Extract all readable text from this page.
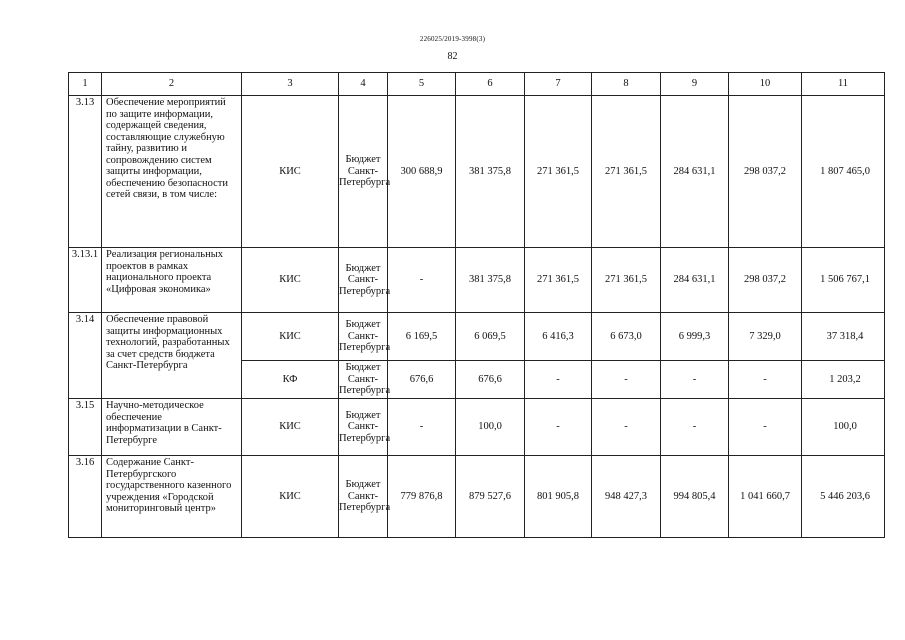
226025/2019-3998(3)
82
1	2	3	4	5	6	7	8	9	10	11
3.13	Обеспечение мероприятий по защите информации, содержащей сведения, составляющие служебную тайну, развитию и сопровождению систем защиты информации, обеспечению безопасности сетей связи, в том числе:	КИС	Бюджет Санкт-Петербурга	300 688,9	381 375,8	271 361,5	271 361,5	284 631,1	298 037,2	1 807 465,0
3.13.1	Реализация региональных проектов в рамках национального проекта «Цифровая экономика»	КИС	Бюджет Санкт-Петербурга	-	381 375,8	271 361,5	271 361,5	284 631,1	298 037,2	1 506 767,1
3.14	Обеспечение правовой защиты информационных технологий, разработанных за счет средств бюджета Санкт-Петербурга	КИС	Бюджет Санкт-Петербурга	6 169,5	6 069,5	6 416,3	6 673,0	6 999,3	7 329,0	37 318,4
		КФ	Бюджет Санкт-Петербурга	676,6	676,6	-	-	-	-	1 203,2
3.15	Научно-методическое обеспечение информатизации в Санкт-Петербурге	КИС	Бюджет Санкт-Петербурга	-	100,0	-	-	-	-	100,0
3.16	Содержание Санкт-Петербургского государственного казенного учреждения «Городской мониторинговый центр»	КИС	Бюджет Санкт-Петербурга	779 876,8	879 527,6	801 905,8	948 427,3	994 805,4	1 041 660,7	5 446 203,6
